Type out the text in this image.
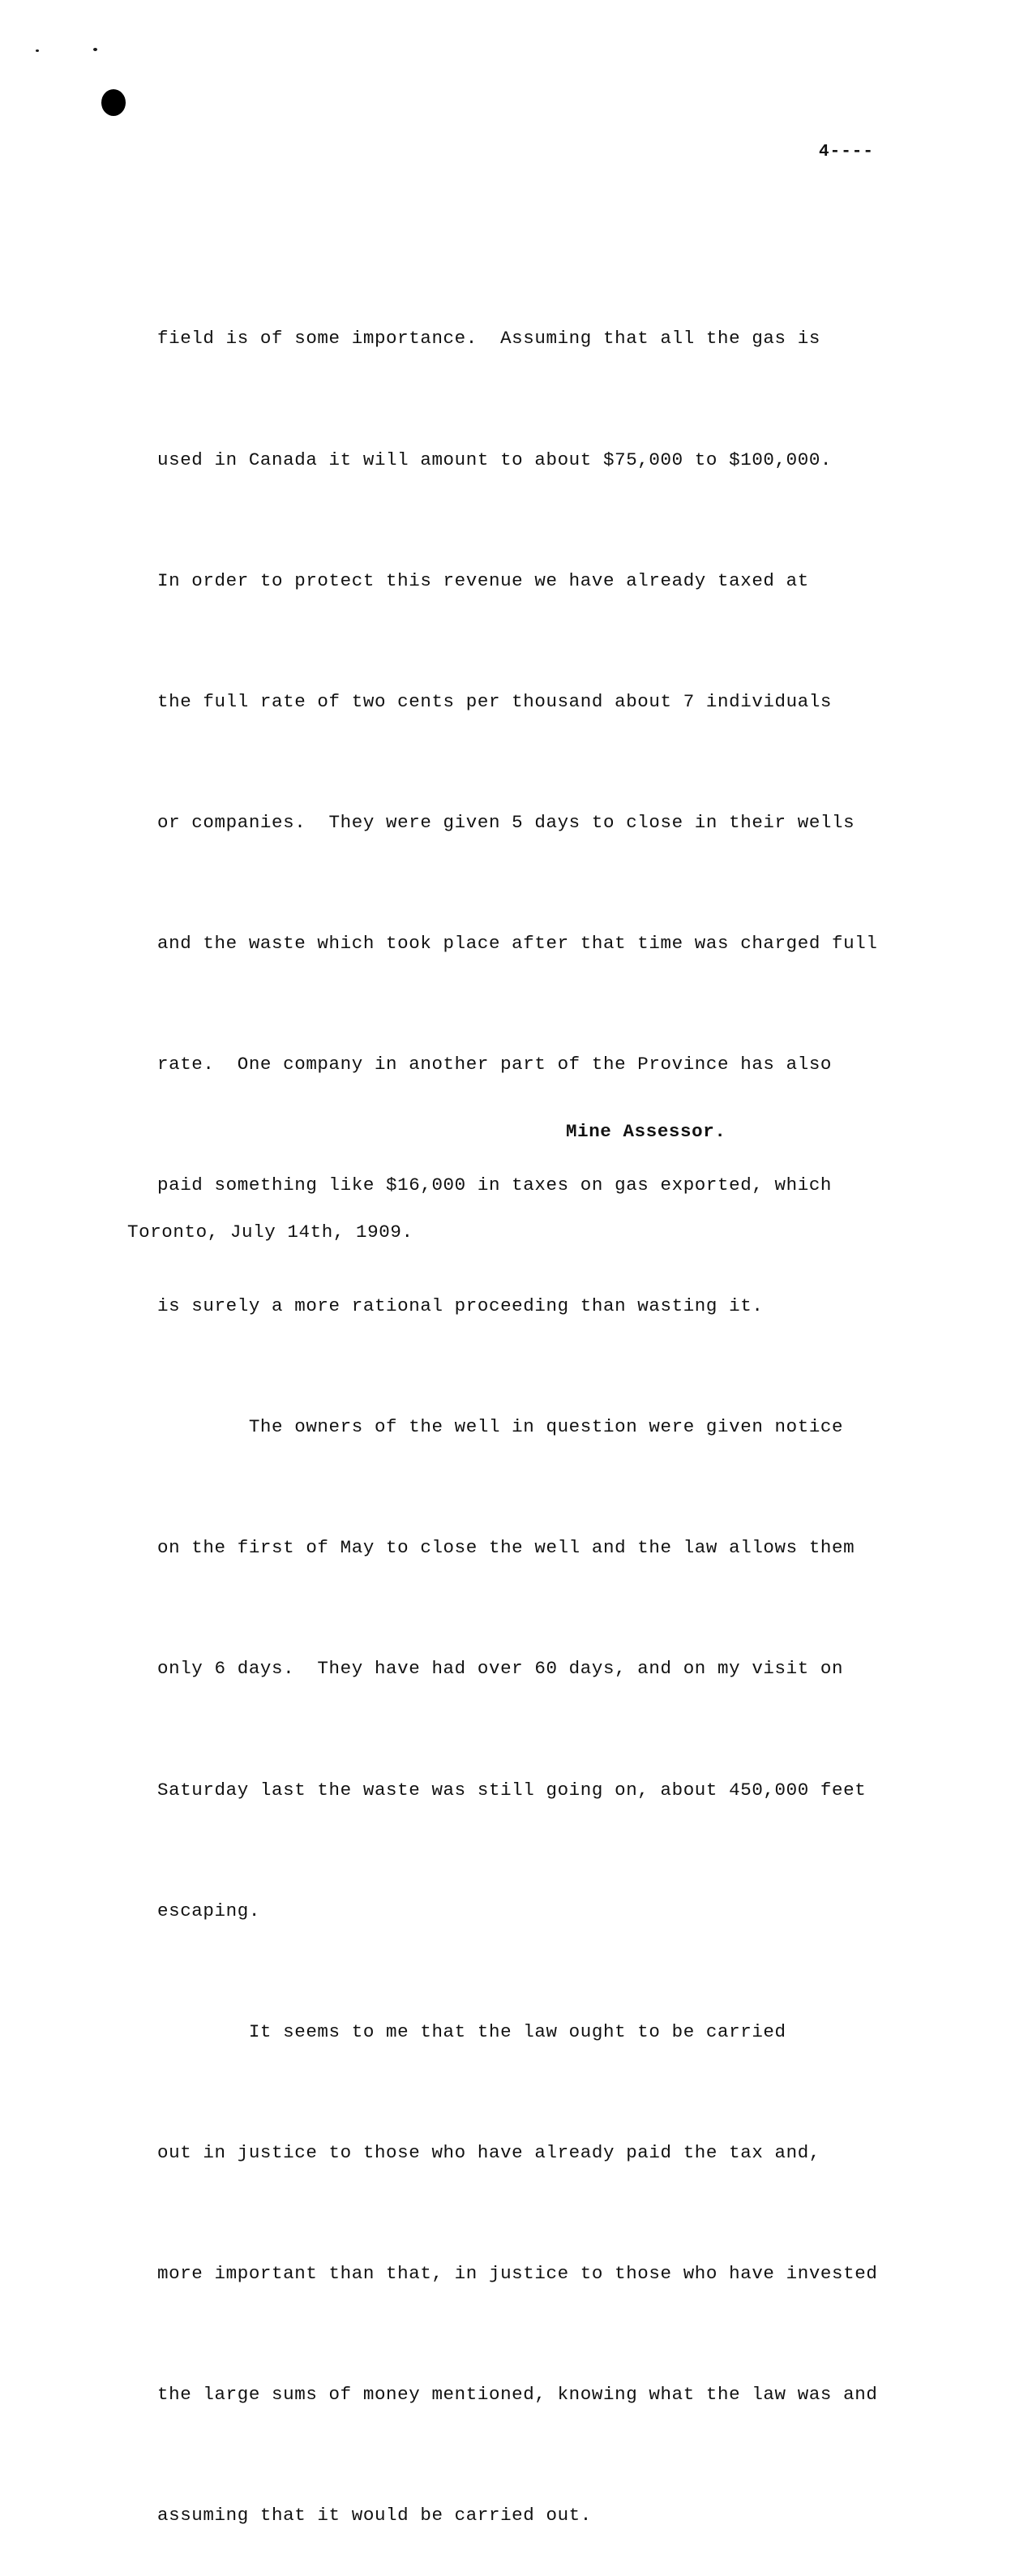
4----

field is of some importance.  Assuming that all the gas is

used in Canada it will amount to about $75,000 to $100,000.

In order to protect this revenue we have already taxed at

the full rate of two cents per thousand about 7 individuals

or companies.  They were given 5 days to close in their wells

and the waste which took place after that time was charged full

rate.  One company in another part of the Province has also

paid something like $16,000 in taxes on gas exported, which

is surely a more rational proceeding than wasting it.

The owners of the well in question were given notice

on the first of May to close the well and the law allows them

only 6 days.  They have had over 60 days, and on my visit on

Saturday last the waste was still going on, about 450,000 feet

escaping.

It seems to me that the law ought to be carried

out in justice to those who have already paid the tax and,

more important than that, in justice to those who have invested

the large sums of money mentioned, knowing what the law was and

assuming that it would be carried out.

Mine Assessor.
Toronto, July 14th, 1909.
